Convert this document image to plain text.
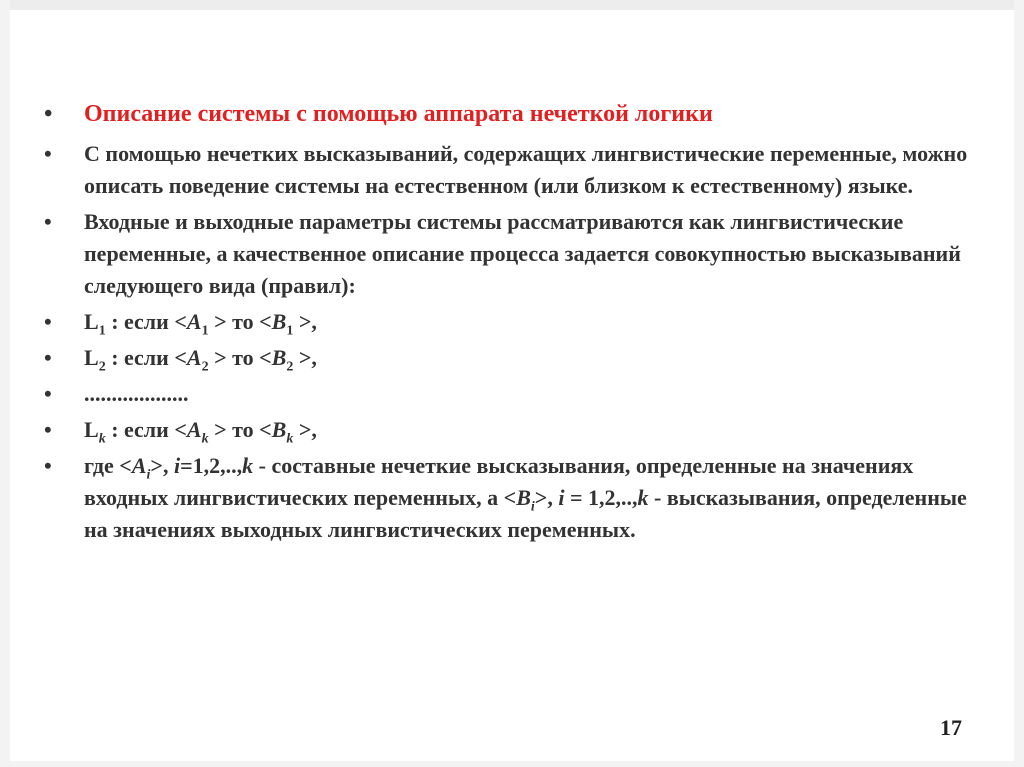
• Описание системы с помощью аппарата нечеткой логики
• С помощью нечетких высказываний, содержащих лингвистические переменные, можно описать поведение системы на естественном (или близком к естественному) языке.
• Входные и выходные параметры системы рассматриваются как лингвистические переменные, а качественное описание процесса задается совокупностью высказываний следующего вида (правил):
• $L_1$ : если $<A_1$ > то $<B_1$ >,
• $L_2$ : если $<A_2$ > то $<B_2$ >,
• ...................
• $L_k$ : если $<A_k$ > то $<B_k$ >,
• где $<A_i>$, i=1,2,..,k - составные нечеткие высказывания, определенные на значениях входных лингвистических переменных, $а <B_i>$, i = 1,2,..,k - высказывания, определенные на значениях выходных лингвистических переменных.
17
